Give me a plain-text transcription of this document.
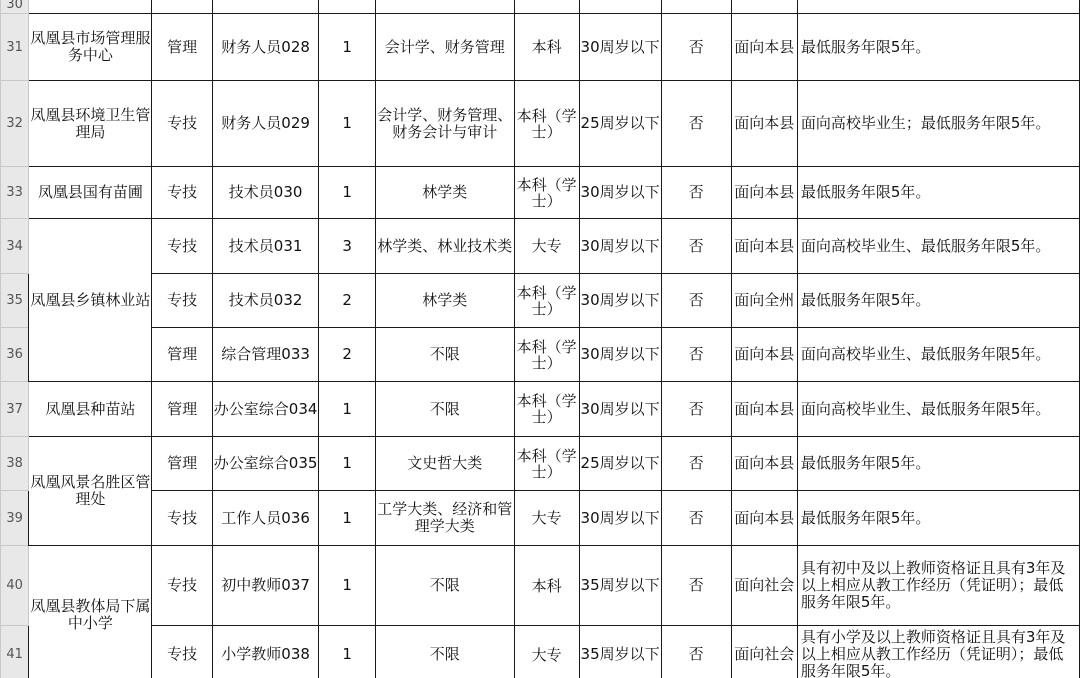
30										
31	凤凰县市场管理服务中心	管理	财务人员028	1	会计学、财务管理	本科	30周岁以下	否	面向本县	最低服务年限5年。
32	凤凰县环境卫生管理局	专技	财务人员029	1	会计学、财务管理、财务会计与审计	本科（学士）	25周岁以下	否	面向本县	面向高校毕业生；最低服务年限5年。
33	凤凰县国有苗圃	专技	技术员030	1	林学类	本科（学士）	30周岁以下	否	面向本县	最低服务年限5年。
34	凤凰县乡镇林业站	专技	技术员031	3	林学类、林业技术类	大专	30周岁以下	否	面向本县	面向高校毕业生、最低服务年限5年。
35		专技	技术员032	2	林学类	本科（学士）	30周岁以下	否	面向全州	最低服务年限5年。
36		管理	综合管理033	2	不限	本科（学士）	30周岁以下	否	面向本县	面向高校毕业生、最低服务年限5年。
37	凤凰县种苗站	管理	办公室综合034	1	不限	本科（学士）	30周岁以下	否	面向本县	面向高校毕业生、最低服务年限5年。
38	凤凰风景名胜区管理处	管理	办公室综合035	1	文史哲大类	本科（学士）	25周岁以下	否	面向本县	最低服务年限5年。
39		专技	工作人员036	1	工学大类、经济和管理学大类	大专	30周岁以下	否	面向本县	最低服务年限5年。
40	凤凰县教体局下属中小学	专技	初中教师037	1	不限	本科	35周岁以下	否	面向社会	具有初中及以上教师资格证且具有3年及以上相应从教工作经历（凭证明）；最低服务年限5年。
41		专技	小学教师038	1	不限	大专	35周岁以下	否	面向社会	具有小学及以上教师资格证且具有3年及以上相应从教工作经历（凭证明）；最低服务年限5年。
